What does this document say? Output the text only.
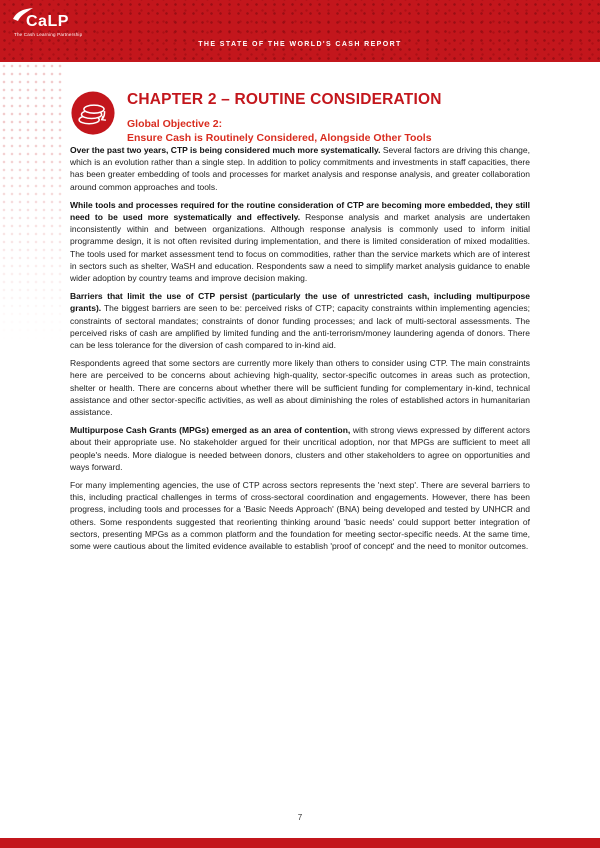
CaLP
The Cash Learning Partnership
THE STATE OF THE WORLD'S CASH REPORT
CHAPTER 2 – ROUTINE CONSIDERATION

Global Objective 2:

Ensure Cash is Routinely Considered, Alongside Other Tools

Over the past two years, CTP is being considered much more systematically. Several factors are driving this change, which is an evolution rather than a single step. In addition to policy commitments and investments in staff capacities, there has been greater embedding of tools and processes for market analysis and response analysis, and greater collaboration around common approaches and tools.

While tools and processes required for the routine consideration of CTP are becoming more embedded, they still need to be used more systematically and effectively. Response analysis and market analysis are undertaken inconsistently within and between organizations. Although response analysis is commonly used to inform initial programme design, it is not often revisited during implementation, and there is limited consideration of mixed modalities. The tools used for market assessment tend to focus on commodities, rather than the service markets which are of interest in sectors such as shelter, WaSH and education. Respondents saw a need to simplify market analysis guidance to enable wider adoption by country teams and improve decision making.

Barriers that limit the use of CTP persist (particularly the use of unrestricted cash, including multipurpose grants). The biggest barriers are seen to be: perceived risks of CTP; capacity constraints within implementing agencies; constraints of sectoral mandates; constraints of donor funding processes; and lack of multi-sectoral assessments. The perceived risks of cash are amplified by limited funding and the anti-terrorism/money laundering agenda of donors. There can be less tolerance for the diversion of cash compared to in-kind aid.

Respondents agreed that some sectors are currently more likely than others to consider using CTP. The main constraints here are perceived to be concerns about achieving high-quality, sector-specific outcomes in areas such as protection, shelter or health. There are concerns about whether there will be sufficient funding for complementary in-kind, technical assistance and other sector-specific activities, as well as about diminishing the roles of established actors in humanitarian assistance.

Multipurpose Cash Grants (MPGs) emerged as an area of contention, with strong views expressed by different actors about their appropriate use. No stakeholder argued for their uncritical adoption, nor that MPGs are sufficient to meet all people's needs. More dialogue is needed between donors, clusters and other stakeholders to agree on opportunities and ways forward.

For many implementing agencies, the use of CTP across sectors represents the 'next step'. There are several barriers to this, including practical challenges in terms of cross-sectoral coordination and engagements. However, there has been progress, including tools and processes for a 'Basic Needs Approach' (BNA) being developed and tested by UNHCR and others. Some respondents suggested that reorienting thinking around 'basic needs' could support better integration of sectors, presenting MPGs as a common platform and the foundation for meeting sector-specific needs. At the same time, some were cautious about the limited evidence available to establish 'proof of concept' and the need to monitor outcomes.

7
